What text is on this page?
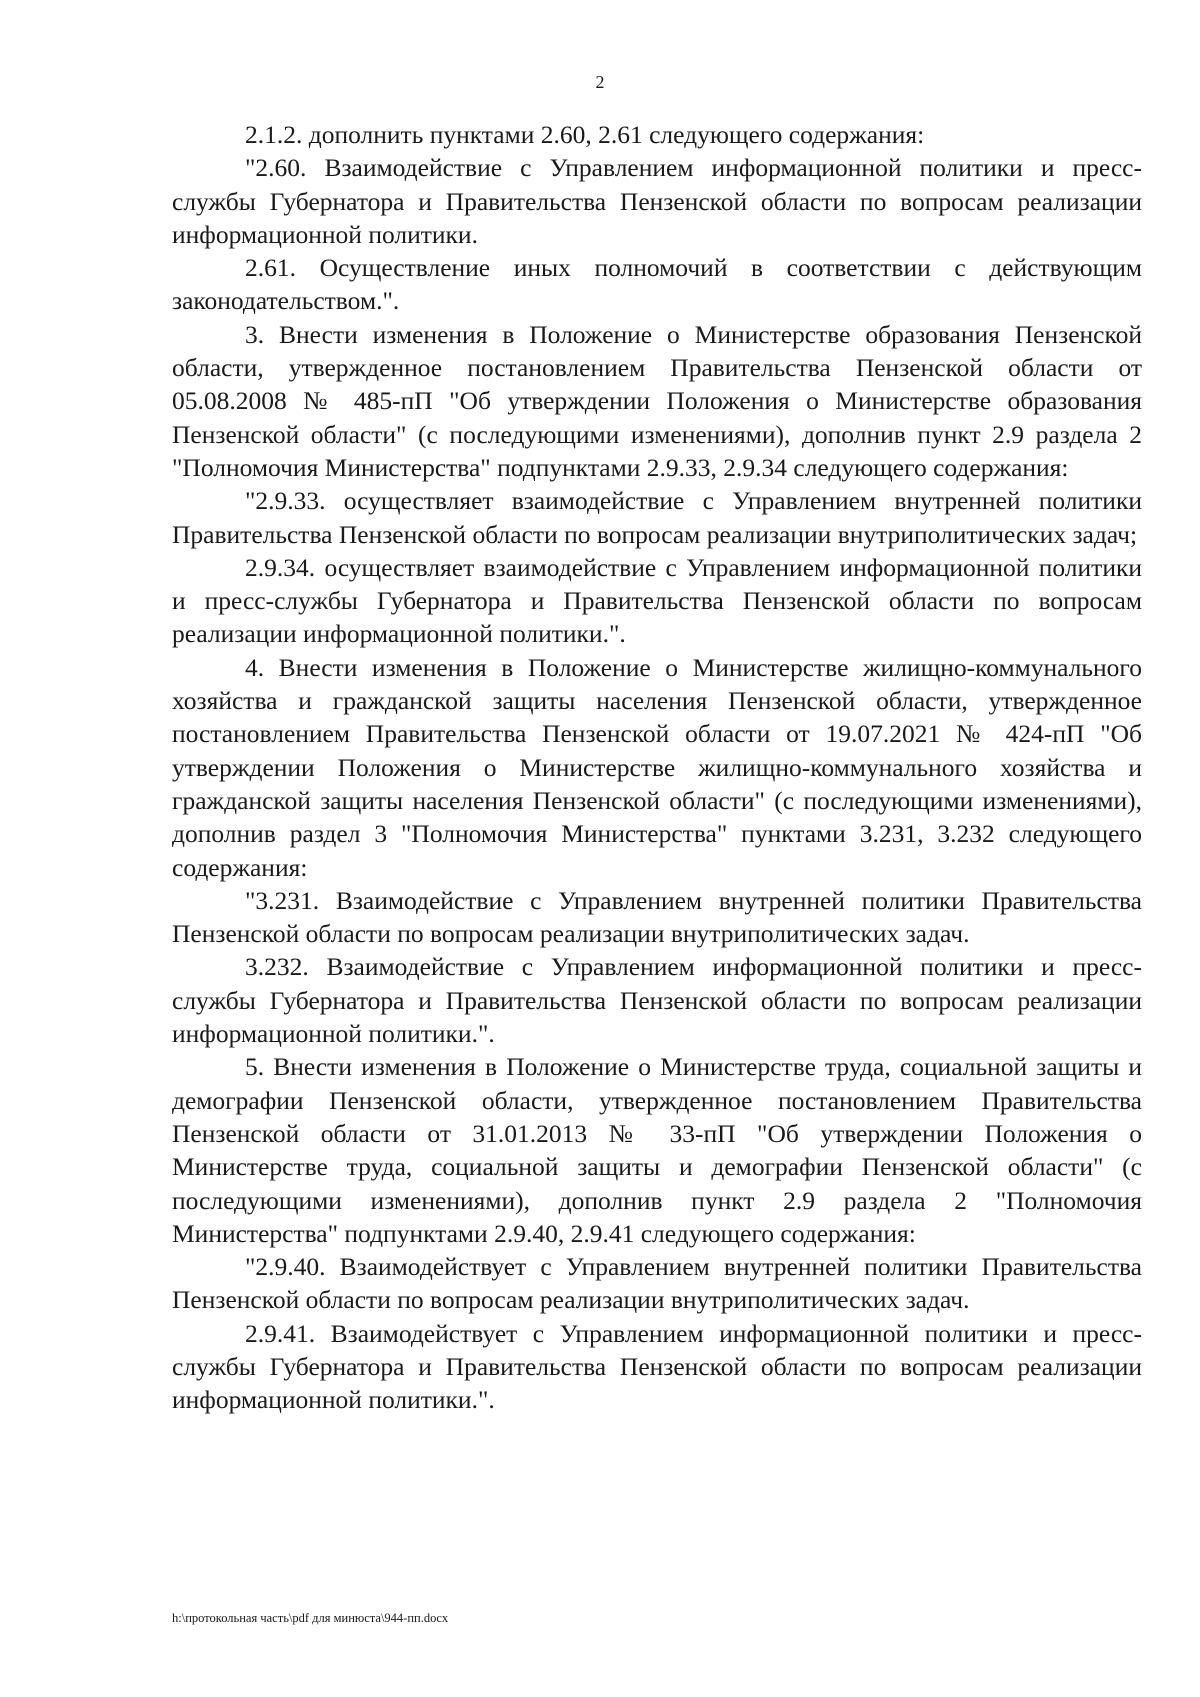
2

2.1.2. дополнить пунктами 2.60, 2.61 следующего содержания:

"2.60. Взаимодействие с Управлением информационной политики и пресс-службы Губернатора и Правительства Пензенской области по вопросам реализации информационной политики.

2.61. Осуществление иных полномочий в соответствии с действующим законодательством.".

3. Внести изменения в Положение о Министерстве образования Пензенской области, утвержденное постановлением Правительства Пензенской области от 05.08.2008 № 485-пП "Об утверждении Положения о Министерстве образования Пензенской области" (с последующими изменениями), дополнив пункт 2.9 раздела 2 "Полномочия Министерства" подпунктами 2.9.33, 2.9.34 следующего содержания:

"2.9.33. осуществляет взаимодействие с Управлением внутренней политики Правительства Пензенской области по вопросам реализации внутриполитических задач;

2.9.34. осуществляет взаимодействие с Управлением информационной политики и пресс-службы Губернатора и Правительства Пензенской области по вопросам реализации информационной политики.".

4. Внести изменения в Положение о Министерстве жилищно-коммунального хозяйства и гражданской защиты населения Пензенской области, утвержденное постановлением Правительства Пензенской области от 19.07.2021 № 424-пП "Об утверждении Положения о Министерстве жилищно-коммунального хозяйства и гражданской защиты населения Пензенской области" (с последующими изменениями), дополнив раздел 3 "Полномочия Министерства" пунктами 3.231, 3.232 следующего содержания:

"3.231. Взаимодействие с Управлением внутренней политики Правительства Пензенской области по вопросам реализации внутриполитических задач.

3.232. Взаимодействие с Управлением информационной политики и пресс-службы Губернатора и Правительства Пензенской области по вопросам реализации информационной политики.".

5. Внести изменения в Положение о Министерстве труда, социальной защиты и демографии Пензенской области, утвержденное постановлением Правительства Пензенской области от 31.01.2013 № 33-пП "Об утверждении Положения о Министерстве труда, социальной защиты и демографии Пензенской области" (с последующими изменениями), дополнив пункт 2.9 раздела 2 "Полномочия Министерства" подпунктами 2.9.40, 2.9.41 следующего содержания:

"2.9.40. Взаимодействует с Управлением внутренней политики Правительства Пензенской области по вопросам реализации внутриполитических задач.

2.9.41. Взаимодействует с Управлением информационной политики и пресс-службы Губернатора и Правительства Пензенской области по вопросам реализации информационной политики.".

h:\протокольная часть\pdf для минюста\944-пп.docx
